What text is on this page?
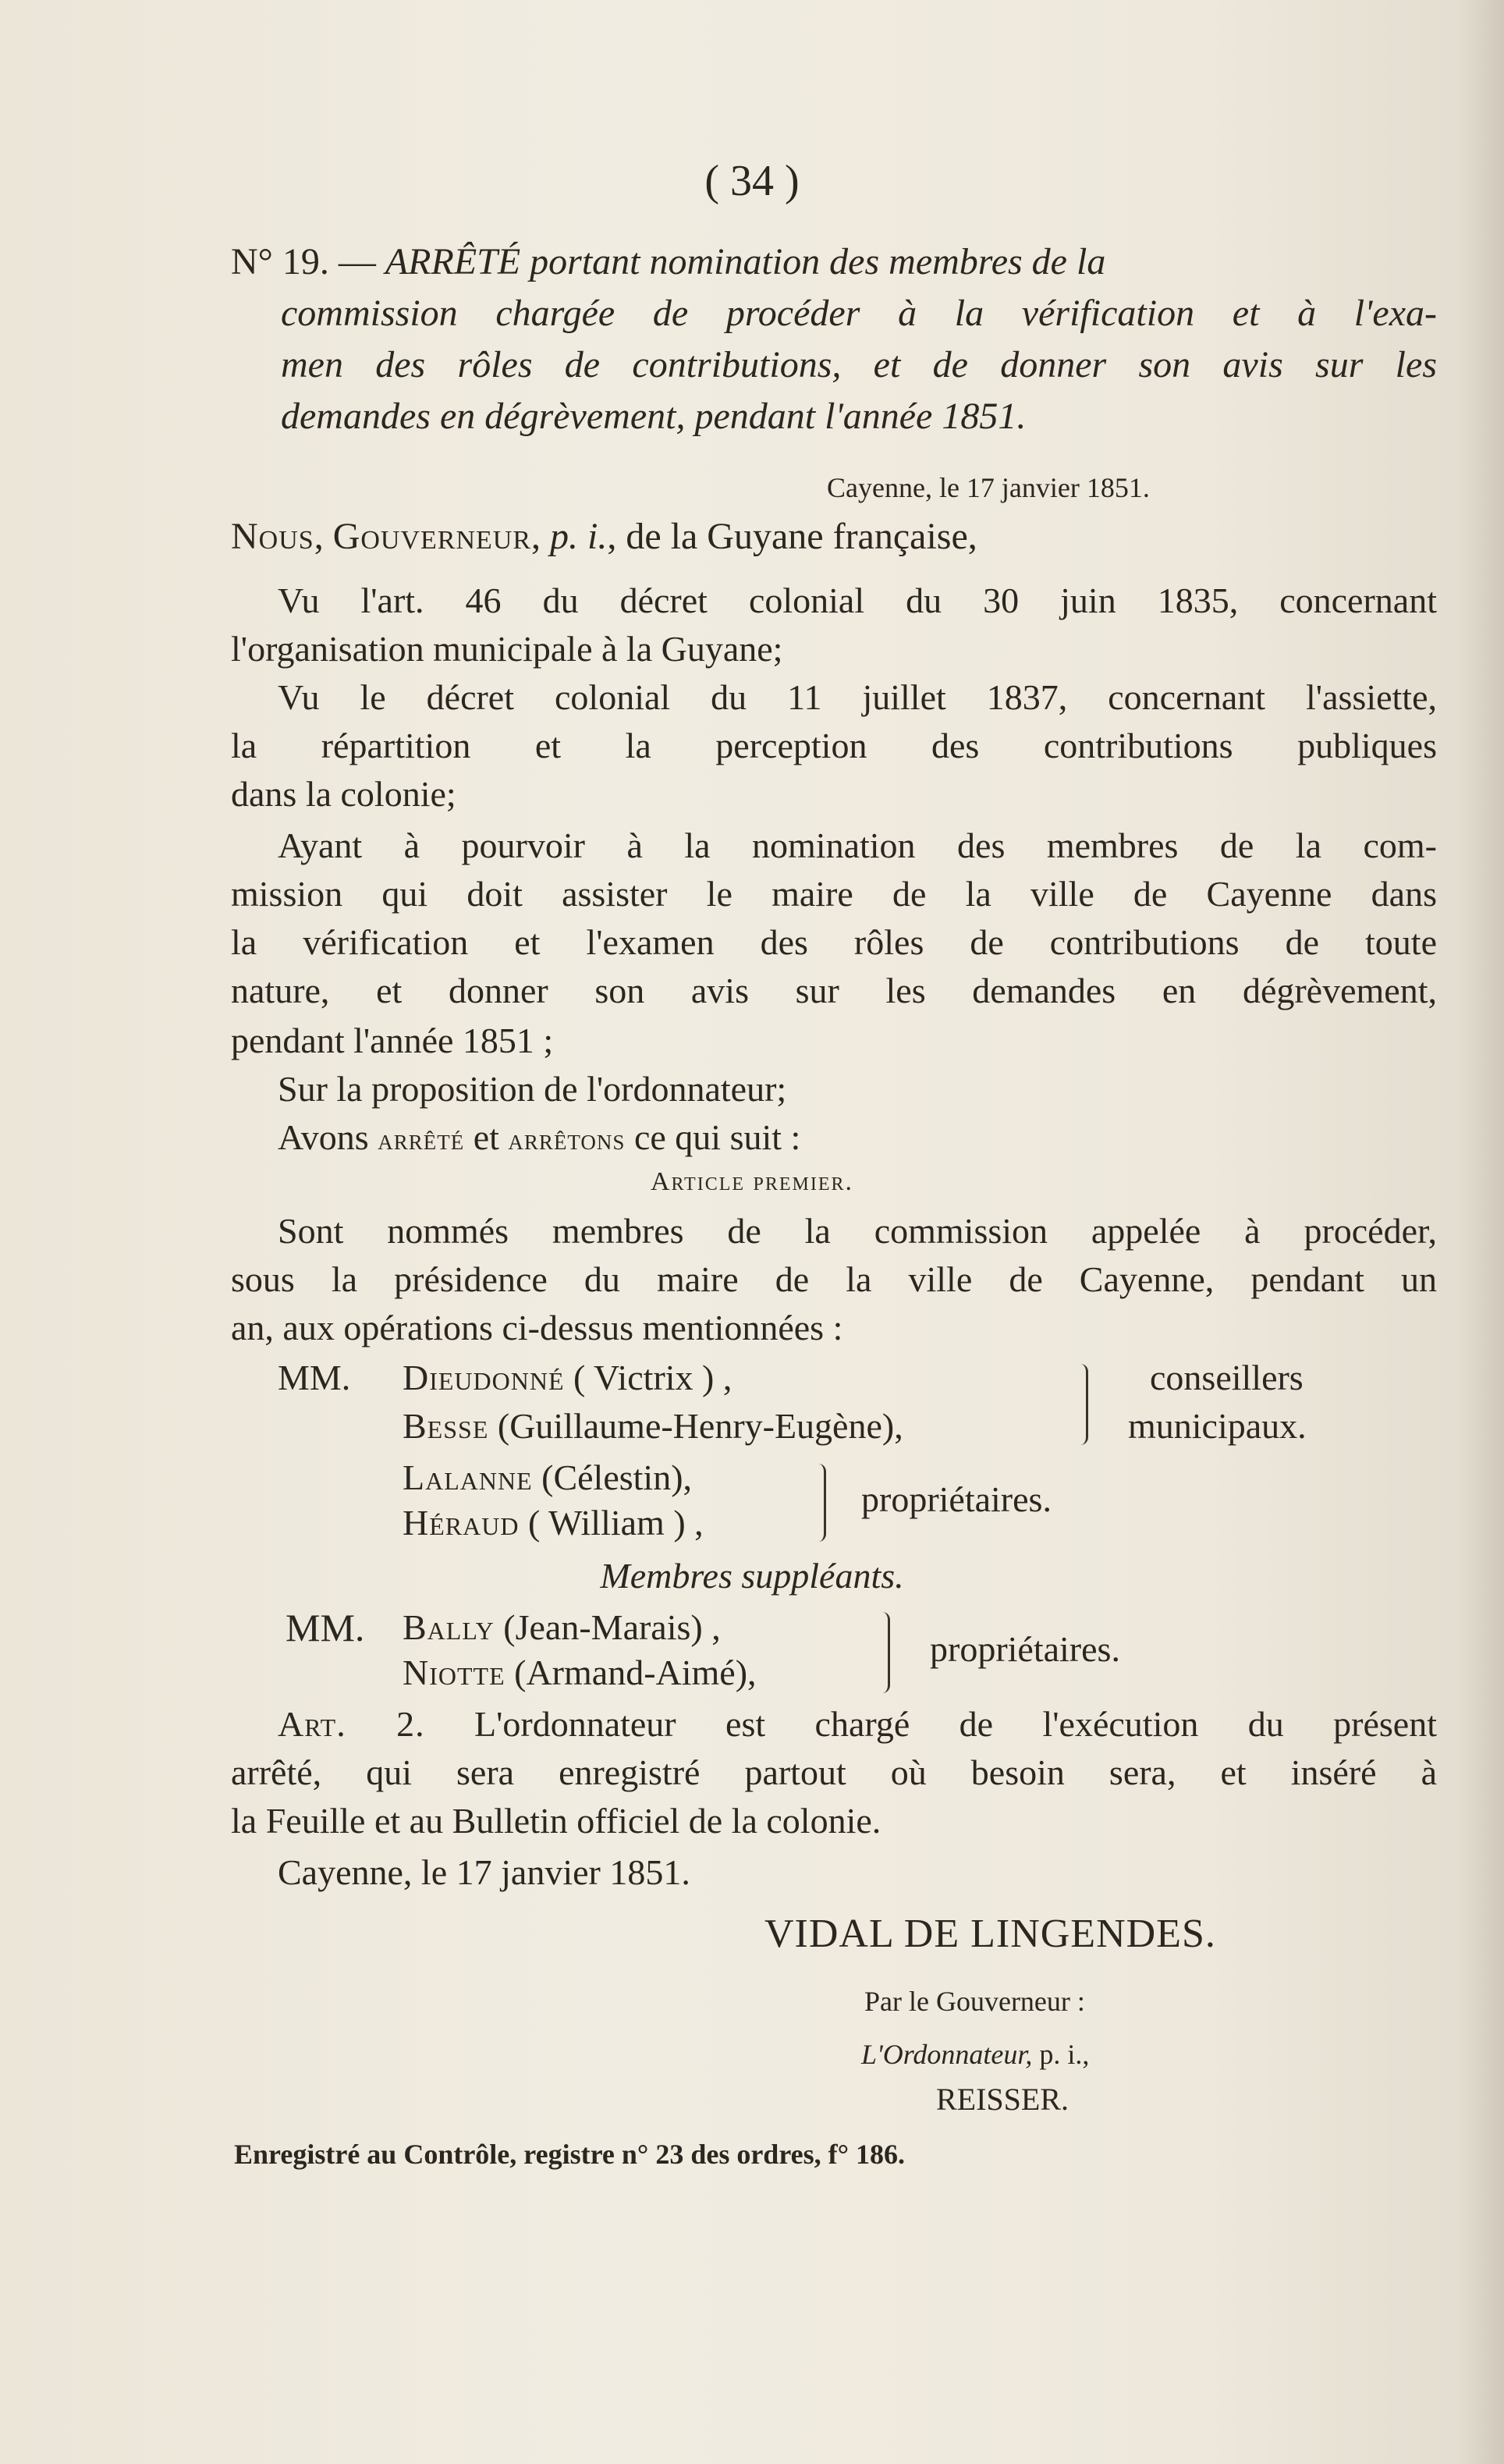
( 34 )
N° 19. — ARRÊTÉ portant nomination des membres de la
commission chargée de procéder à la vérification et à l'exa-
men des rôles de contributions, et de donner son avis sur les
demandes en dégrèvement, pendant l'année 1851.
Cayenne, le 17 janvier 1851.
Nous, Gouverneur, p. i., de la Guyane française,
Vu l'art. 46 du décret colonial du 30 juin 1835, concernant
l'organisation municipale à la Guyane;
Vu le décret colonial du 11 juillet 1837, concernant l'assiette,
la répartition et la perception des contributions publiques
dans la colonie;
Ayant à pourvoir à la nomination des membres de la com-
mission qui doit assister le maire de la ville de Cayenne dans
la vérification et l'examen des rôles de contributions de toute
nature, et donner son avis sur les demandes en dégrèvement,
pendant l'année 1851 ;
Sur la proposition de l'ordonnateur;
Avons arrêté et arrêtons ce qui suit :
Article premier.
Sont nommés membres de la commission appelée à procéder,
sous la présidence du maire de la ville de Cayenne, pendant un
an, aux opérations ci-dessus mentionnées :
MM. Dieudonné ( Victrix ) ,
Besse (Guillaume-Henry-Eugène),
conseillers
municipaux.
Lalanne (Célestin),
Héraud ( William ) ,
propriétaires.
Membres suppléants.
MM. Bally (Jean-Marais) ,
Niotte (Armand-Aimé),
propriétaires.
Art. 2. L'ordonnateur est chargé de l'exécution du présent
arrêté, qui sera enregistré partout où besoin sera, et inséré à
la Feuille et au Bulletin officiel de la colonie.
Cayenne, le 17 janvier 1851.
VIDAL DE LINGENDES.
Par le Gouverneur :
L'Ordonnateur, p. i.,
REISSER.
Enregistré au Contrôle, registre n° 23 des ordres, f° 186.
